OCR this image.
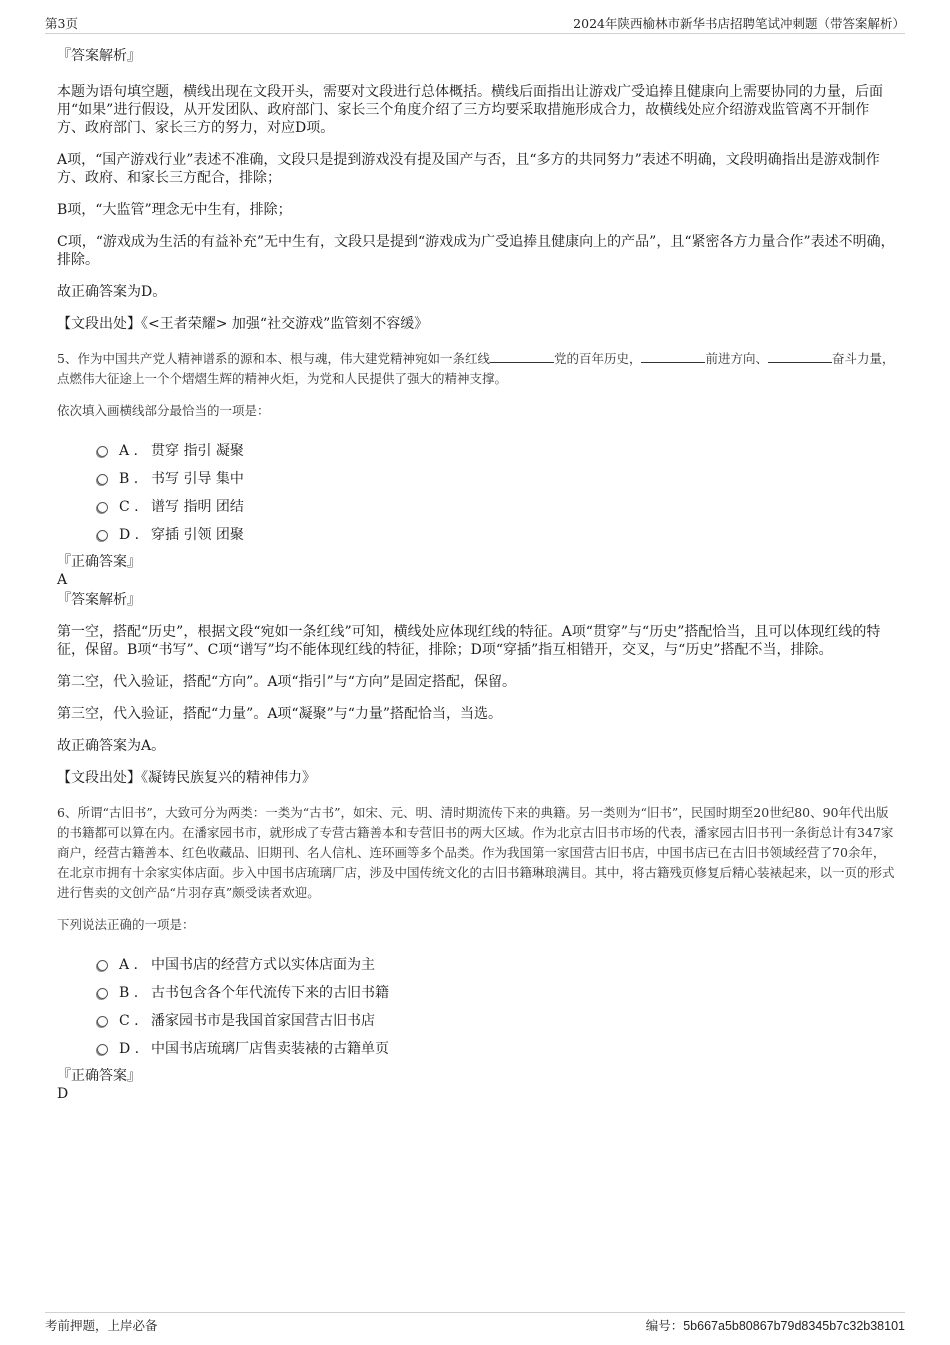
第3页	2024年陕西榆林市新华书店招聘笔试冲刺题（带答案解析）

『答案解析』

本题为语句填空题，横线出现在文段开头，需要对文段进行总体概括。横线后面指出让游戏广受追捧且健康向上需要协同的力量，后面用“如果”进行假设，从开发团队、政府部门、家长三个角度介绍了三方均要采取措施形成合力，故横线处应介绍游戏监管离不开制作方、政府部门、家长三方的努力，对应D项。

A项，“国产游戏行业”表述不准确，文段只是提到游戏没有提及国产与否，且“多方的共同努力”表述不明确，文段明确指出是游戏制作方、政府、和家长三方配合，排除；

B项，“大监管”理念无中生有，排除；

C项，“游戏成为生活的有益补充”无中生有，文段只是提到“游戏成为广受追捧且健康向上的产品”，且“紧密各方力量合作”表述不明确，排除。

故正确答案为D。

【文段出处】《<王者荣耀> 加强“社交游戏”监管刻不容缓》

5、作为中国共产党人精神谱系的源和本、根与魂，伟大建党精神宛如一条红线	党的百年历史，	前进方向、	奋斗力量，点燃伟大征途上一个个熠熠生辉的精神火炬，为党和人民提供了强大的精神支撑。

依次填入画横线部分最恰当的一项是：

A . 贯穿 指引 凝聚
B . 书写 引导 集中
C . 谱写 指明 团结
D . 穿插 引领 团聚

『正确答案』

A

『答案解析』

第一空，搭配“历史”，根据文段“宛如一条红线”可知，横线处应体现红线的特征。A项“贯穿”与“历史”搭配恰当，且可以体现红线的特征，保留。B项“书写”、C项“谱写”均不能体现红线的特征，排除；D项“穿插”指互相错开，交叉，与“历史”搭配不当，排除。

第二空，代入验证，搭配“方向”。A项“指引”与“方向”是固定搭配，保留。

第三空，代入验证，搭配“力量”。A项“凝聚”与“力量”搭配恰当，当选。

故正确答案为A。

【文段出处】《凝铸民族复兴的精神伟力》

6、所谓“古旧书”，大致可分为两类：一类为“古书”，如宋、元、明、清时期流传下来的典籍。另一类则为“旧书”，民国时期至20世纪80、90年代出版的书籍都可以算在内。在潘家园书市，就形成了专营古籍善本和专营旧书的两大区域。作为北京古旧书市场的代表，潘家园古旧书刊一条街总计有347家商户，经营古籍善本、红色收藏品、旧期刊、名人信札、连环画等多个品类。作为我国第一家国营古旧书店，中国书店已在古旧书领域经营了70余年，在北京市拥有十余家实体店面。步入中国书店琉璃厂店，涉及中国传统文化的古旧书籍琳琅满目。其中，将古籍残页修复后精心装裱起来，以一页的形式进行售卖的文创产品“片羽存真”颇受读者欢迎。

下列说法正确的一项是：

A . 中国书店的经营方式以实体店面为主
B . 古书包含各个年代流传下来的古旧书籍
C . 潘家园书市是我国首家国营古旧书店
D . 中国书店琉璃厂店售卖装裱的古籍单页

『正确答案』

D

考前押题，上岸必备	编号：5b667a5b80867b79d8345b7c32b38101
